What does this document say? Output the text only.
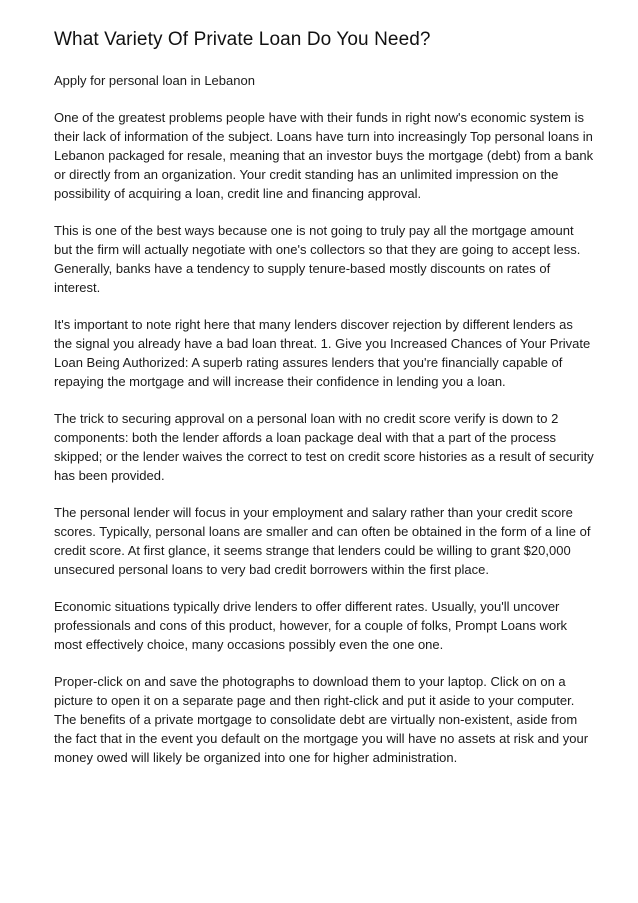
What Variety Of Private Loan Do You Need?

Apply for personal loan in Lebanon

One of the greatest problems people have with their funds in right now's economic system is their lack of information of the subject. Loans have turn into increasingly Top personal loans in Lebanon packaged for resale, meaning that an investor buys the mortgage (debt) from a bank or directly from an organization. Your credit standing has an unlimited impression on the possibility of acquiring a loan, credit line and financing approval.

This is one of the best ways because one is not going to truly pay all the mortgage amount but the firm will actually negotiate with one's collectors so that they are going to accept less. Generally, banks have a tendency to supply tenure-based mostly discounts on rates of interest.

It's important to note right here that many lenders discover rejection by different lenders as the signal you already have a bad loan threat. 1. Give you Increased Chances of Your Private Loan Being Authorized: A superb rating assures lenders that you're financially capable of repaying the mortgage and will increase their confidence in lending you a loan.

The trick to securing approval on a personal loan with no credit score verify is down to 2 components: both the lender affords a loan package deal with that a part of the process skipped; or the lender waives the correct to test on credit score histories as a result of security has been provided.

The personal lender will focus in your employment and salary rather than your credit score scores. Typically, personal loans are smaller and can often be obtained in the form of a line of credit score. At first glance, it seems strange that lenders could be willing to grant $20,000 unsecured personal loans to very bad credit borrowers within the first place.

Economic situations typically drive lenders to offer different rates. Usually, you'll uncover professionals and cons of this product, however, for a couple of folks, Prompt Loans work most effectively choice, many occasions possibly even the one one.

Proper-click on and save the photographs to download them to your laptop. Click on on a picture to open it on a separate page and then right-click and put it aside to your computer. The benefits of a private mortgage to consolidate debt are virtually non-existent, aside from the fact that in the event you default on the mortgage you will have no assets at risk and your money owed will likely be organized into one for higher administration.
